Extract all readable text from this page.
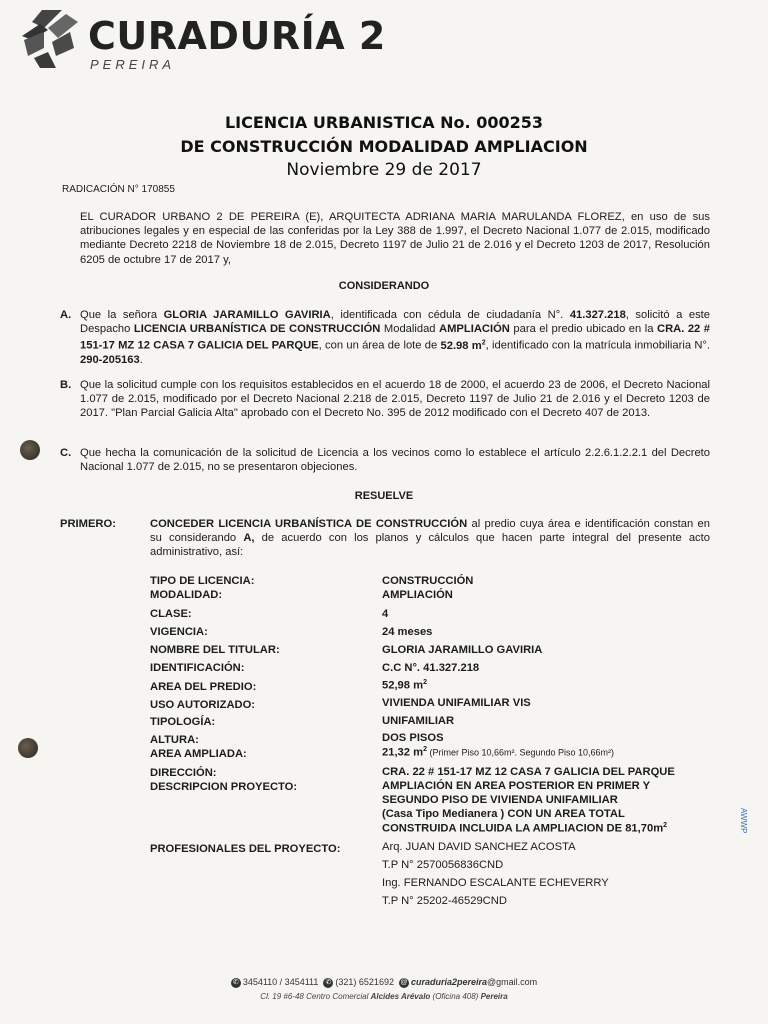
CURADURÍA 2
PEREIRA
LICENCIA URBANISTICA No. 000253
DE CONSTRUCCIÓN MODALIDAD AMPLIACION
Noviembre 29 de 2017
RADICACIÓN N° 170855
EL CURADOR URBANO 2 DE PEREIRA (E), ARQUITECTA ADRIANA MARIA MARULANDA FLOREZ, en uso de sus atribuciones legales y en especial de las conferidas por la Ley 388 de 1.997, el Decreto Nacional 1.077 de 2.015, modificado mediante Decreto 2218 de Noviembre 18 de 2.015, Decreto 1197 de Julio 21 de 2.016 y el Decreto 1203 de 2017, Resolución 6205 de octubre 17 de 2017 y,
CONSIDERANDO
A. Que la señora GLORIA JARAMILLO GAVIRIA, identificada con cédula de ciudadanía N°. 41.327.218, solicitó a este Despacho LICENCIA URBANÍSTICA DE CONSTRUCCIÓN Modalidad AMPLIACIÓN para el predio ubicado en la CRA. 22 # 151-17 MZ 12 CASA 7 GALICIA DEL PARQUE, con un área de lote de 52.98 $m^2$, identificado con la matrícula inmobiliaria N°. 290-205163.
B. Que la solicitud cumple con los requisitos establecidos en el acuerdo 18 de 2000, el acuerdo 23 de 2006, el Decreto Nacional 1.077 de 2.015, modificado por el Decreto Nacional 2.218 de 2.015, Decreto 1197 de Julio 21 de 2.016 y el Decreto 1203 de 2017. "Plan Parcial Galicia Alta" aprobado con el Decreto No. 395 de 2012 modificado con el Decreto 407 de 2013.
C. Que hecha la comunicación de la solicitud de Licencia a los vecinos como lo establece el artículo 2.2.6.1.2.2.1 del Decreto Nacional 1.077 de 2.015, no se presentaron objeciones.
RESUELVE
PRIMERO:	CONCEDER LICENCIA URBANÍSTICA DE CONSTRUCCIÓN al predio cuya área e identificación constan en su considerando A, de acuerdo con los planos y cálculos que hacen parte integral del presente acto administrativo, así:
TIPO DE LICENCIA:	CONSTRUCCIÓN
MODALIDAD:	AMPLIACIÓN
CLASE:	4
VIGENCIA:	24 meses
NOMBRE DEL TITULAR:	GLORIA JARAMILLO GAVIRIA
IDENTIFICACIÓN:	C.C N°. 41.327.218
AREA DEL PREDIO:	52,98 $m^2$
USO AUTORIZADO:	VIVIENDA UNIFAMILIAR VIS
TIPOLOGÍA:	UNIFAMILIAR
ALTURA:	DOS PISOS
AREA AMPLIADA:	21,32 $m^2$ (Primer Piso 10,66m². Segundo Piso 10,66m²)
DIRECCIÓN:	CRA. 22 # 151-17 MZ 12 CASA 7 GALICIA DEL PARQUE
DESCRIPCION PROYECTO:	AMPLIACIÓN EN AREA POSTERIOR EN PRIMER Y
SEGUNDO PISO DE VIVIENDA UNIFAMILIAR
(Casa Tipo Medianera ) CON UN AREA TOTAL
CONSTRUIDA INCLUIDA LA AMPLIACION DE $81,70m^2$
PROFESIONALES DEL PROYECTO:	Arq. JUAN DAVID SANCHEZ ACOSTA
T.P N° 2570056836CND
Ing. FERNANDO ESCALANTE ECHEVERRY
T.P N° 25202-46529CND
AWWP
✆ 3454110 / 3454111 ✆ (321) 6521692 @ curaduria2pereira@gmail.com
Cl. 19 #6-48 Centro Comercial Alcides Arévalo (Oficina 408) Pereira
